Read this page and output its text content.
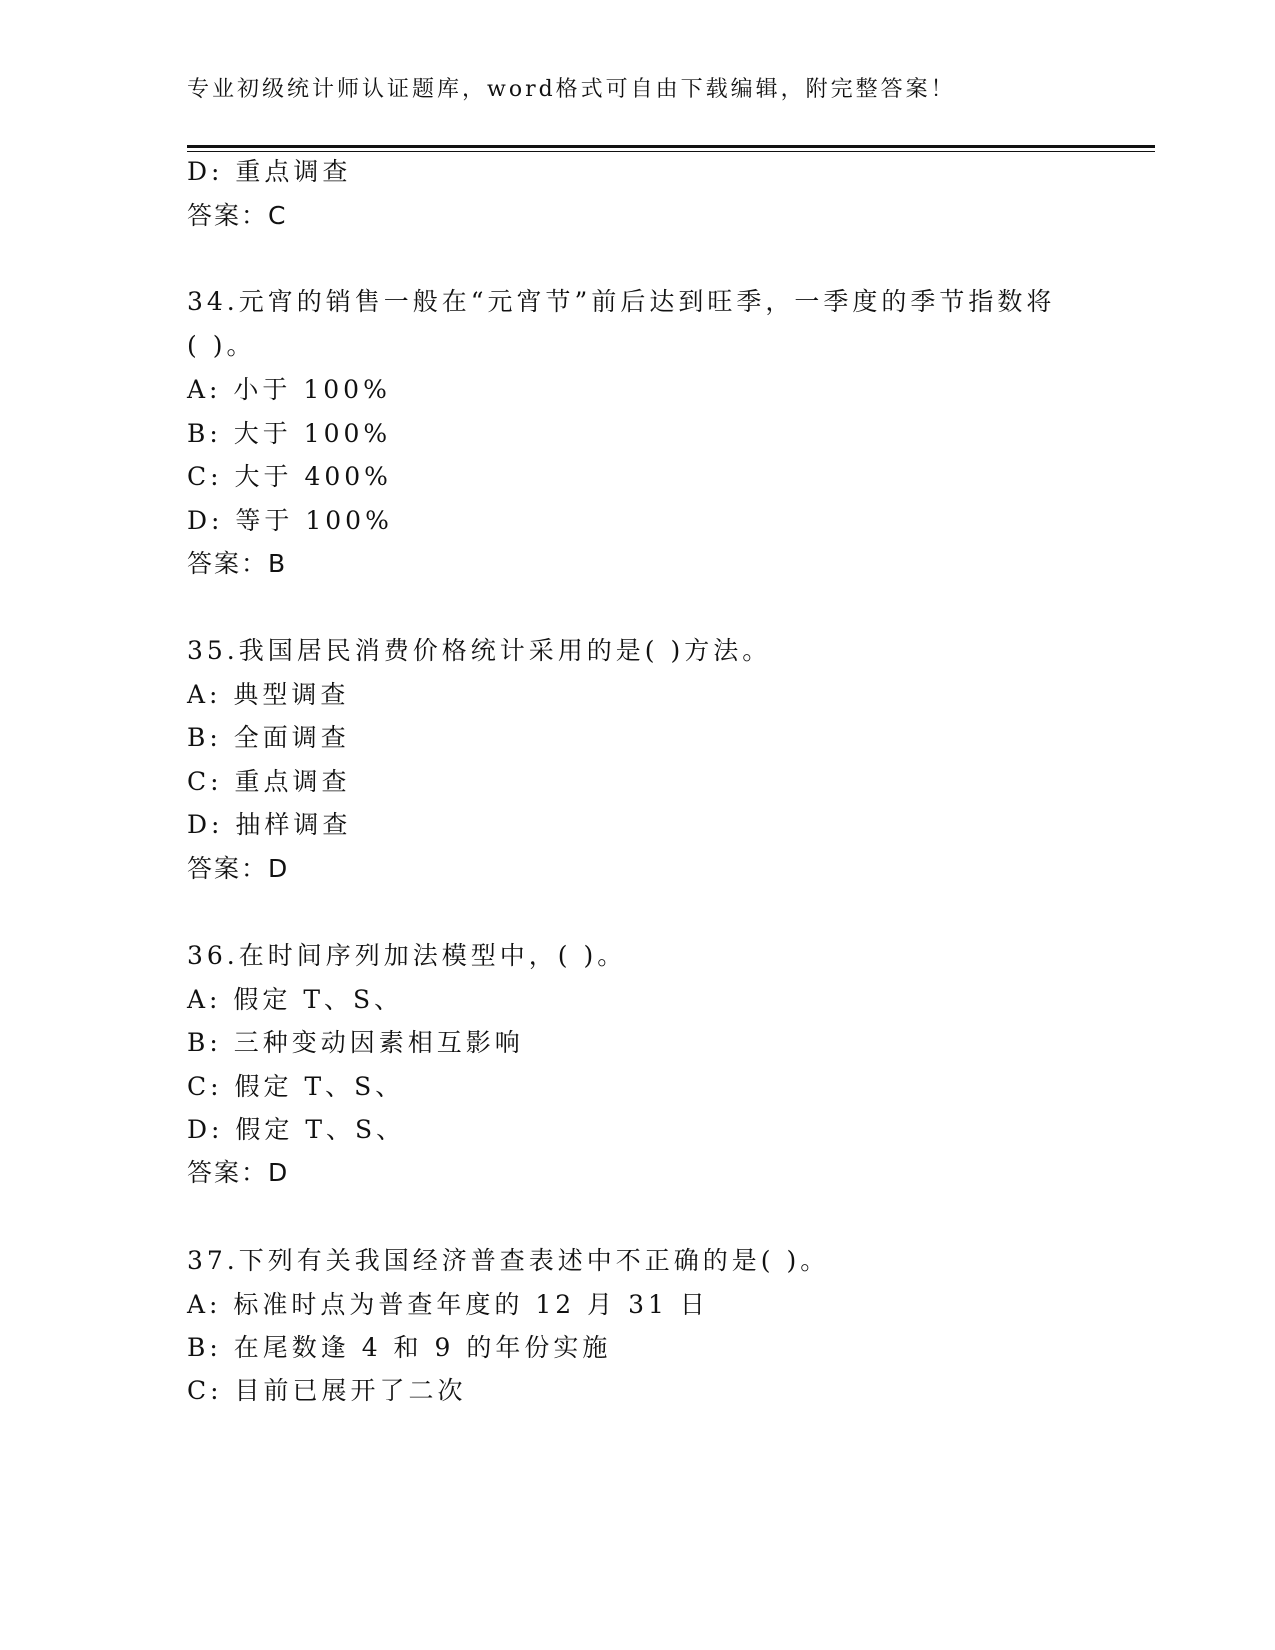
专业初级统计师认证题库，word格式可自由下载编辑，附完整答案！
D: 重点调查
答案：C
34.元宵的销售一般在“元宵节”前后达到旺季，一季度的季节指数将
( )。
A: 小于 100%
B: 大于 100%
C: 大于 400%
D: 等于 100%
答案：B
35.我国居民消费价格统计采用的是( )方法。
A: 典型调查
B: 全面调查
C: 重点调查
D: 抽样调查
答案：D
36.在时间序列加法模型中，( )。
A: 假定 T、S、
B: 三种变动因素相互影响
C: 假定 T、S、
D: 假定 T、S、
答案：D
37.下列有关我国经济普查表述中不正确的是( )。
A: 标准时点为普查年度的 12 月 31 日
B: 在尾数逢 4 和 9 的年份实施
C: 目前已展开了二次
